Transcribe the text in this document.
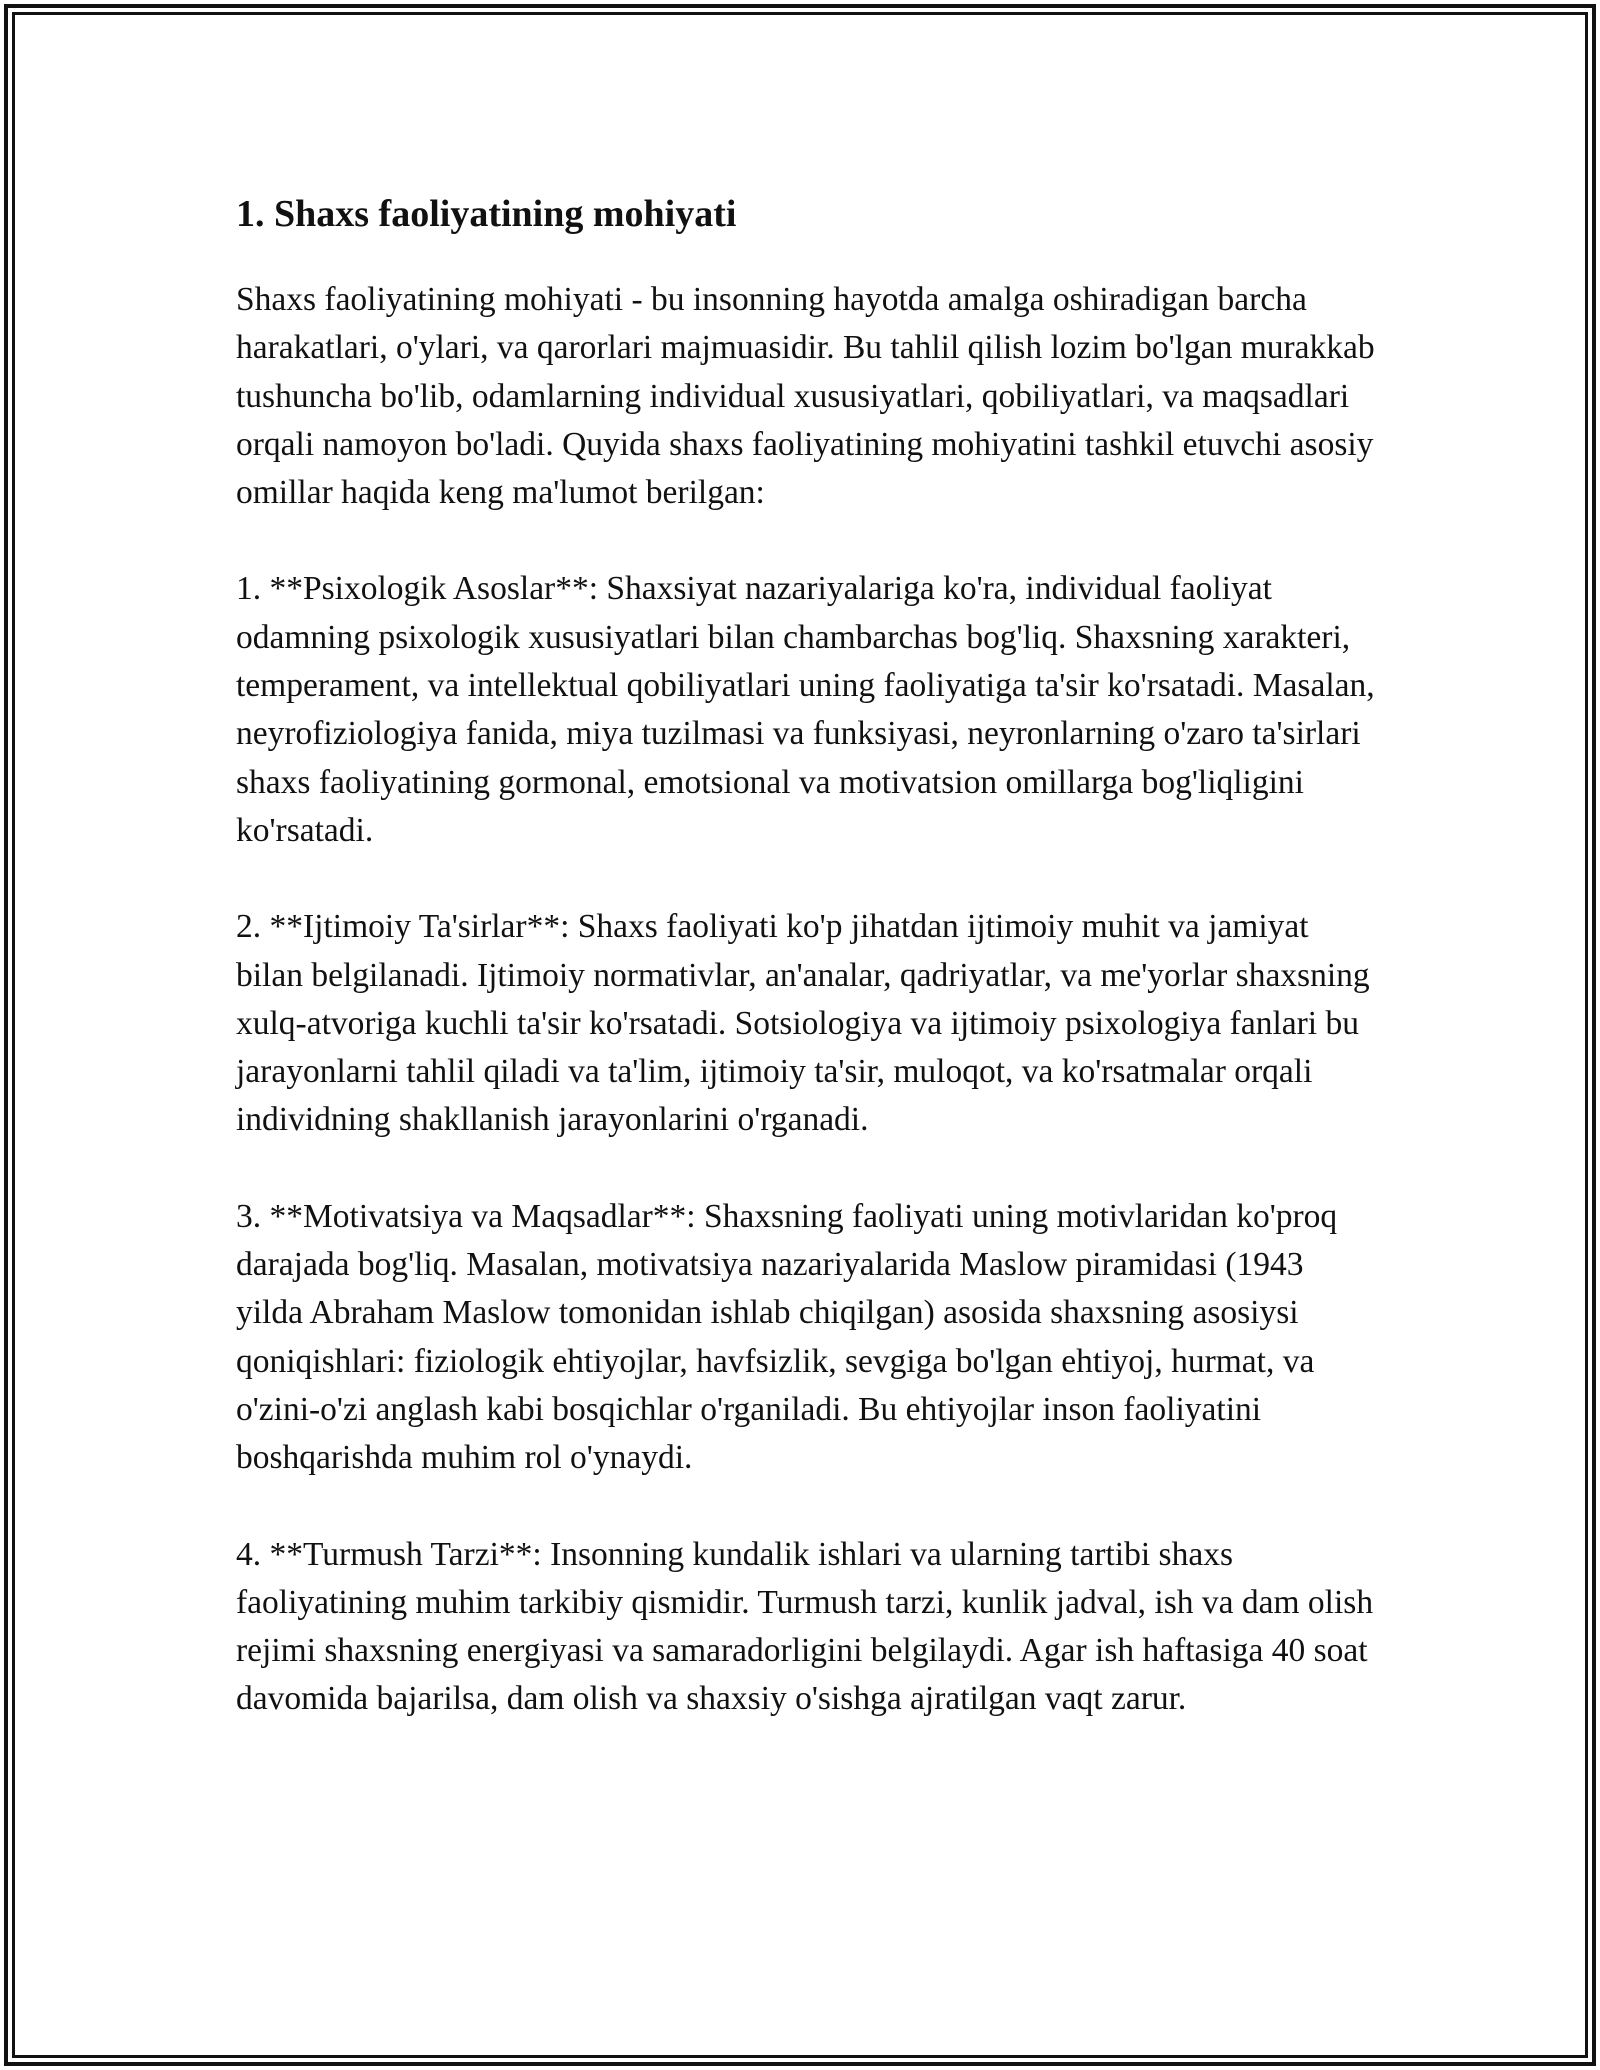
1. Shaxs faoliyatining mohiyati

Shaxs faoliyatining mohiyati - bu insonning hayotda amalga oshiradigan barcha harakatlari, o'ylari, va qarorlari majmuasidir. Bu tahlil qilish lozim bo'lgan murakkab tushuncha bo'lib, odamlarning individual xususiyatlari, qobiliyatlari, va maqsadlari orqali namoyon bo'ladi. Quyida shaxs faoliyatining mohiyatini tashkil etuvchi asosiy omillar haqida keng ma'lumot berilgan:

1. **Psixologik Asoslar**: Shaxsiyat nazariyalariga ko'ra, individual faoliyat odamning psixologik xususiyatlari bilan chambarchas bog'liq. Shaxsning xarakteri, temperament, va intellektual qobiliyatlari uning faoliyatiga ta'sir ko'rsatadi. Masalan, neyrofiziologiya fanida, miya tuzilmasi va funksiyasi, neyronlarning o'zaro ta'sirlari shaxs faoliyatining gormonal, emotsional va motivatsion omillarga bog'liqligini ko'rsatadi.

2. **Ijtimoiy Ta'sirlar**: Shaxs faoliyati ko'p jihatdan ijtimoiy muhit va jamiyat bilan belgilanadi. Ijtimoiy normativlar, an'analar, qadriyatlar, va me'yorlar shaxsning xulq-atvoriga kuchli ta'sir ko'rsatadi. Sotsiologiya va ijtimoiy psixologiya fanlari bu jarayonlarni tahlil qiladi va ta'lim, ijtimoiy ta'sir, muloqot, va ko'rsatmalar orqali individning shakllanish jarayonlarini o'rganadi.

3. **Motivatsiya va Maqsadlar**: Shaxsning faoliyati uning motivlaridan ko'proq darajada bog'liq. Masalan, motivatsiya nazariyalarida Maslow piramidasi (1943 yilda Abraham Maslow tomonidan ishlab chiqilgan) asosida shaxsning asosiysi qoniqishlari: fiziologik ehtiyojlar, havfsizlik, sevgiga bo'lgan ehtiyoj, hurmat, va o'zini-o'zi anglash kabi bosqichlar o'rganiladi. Bu ehtiyojlar inson faoliyatini boshqarishda muhim rol o'ynaydi.

4. **Turmush Tarzi**: Insonning kundalik ishlari va ularning tartibi shaxs faoliyatining muhim tarkibiy qismidir. Turmush tarzi, kunlik jadval, ish va dam olish rejimi shaxsning energiyasi va samaradorligini belgilaydi. Agar ish haftasiga 40 soat davomida bajarilsa, dam olish va shaxsiy o'sishga ajratilgan vaqt zarur.
